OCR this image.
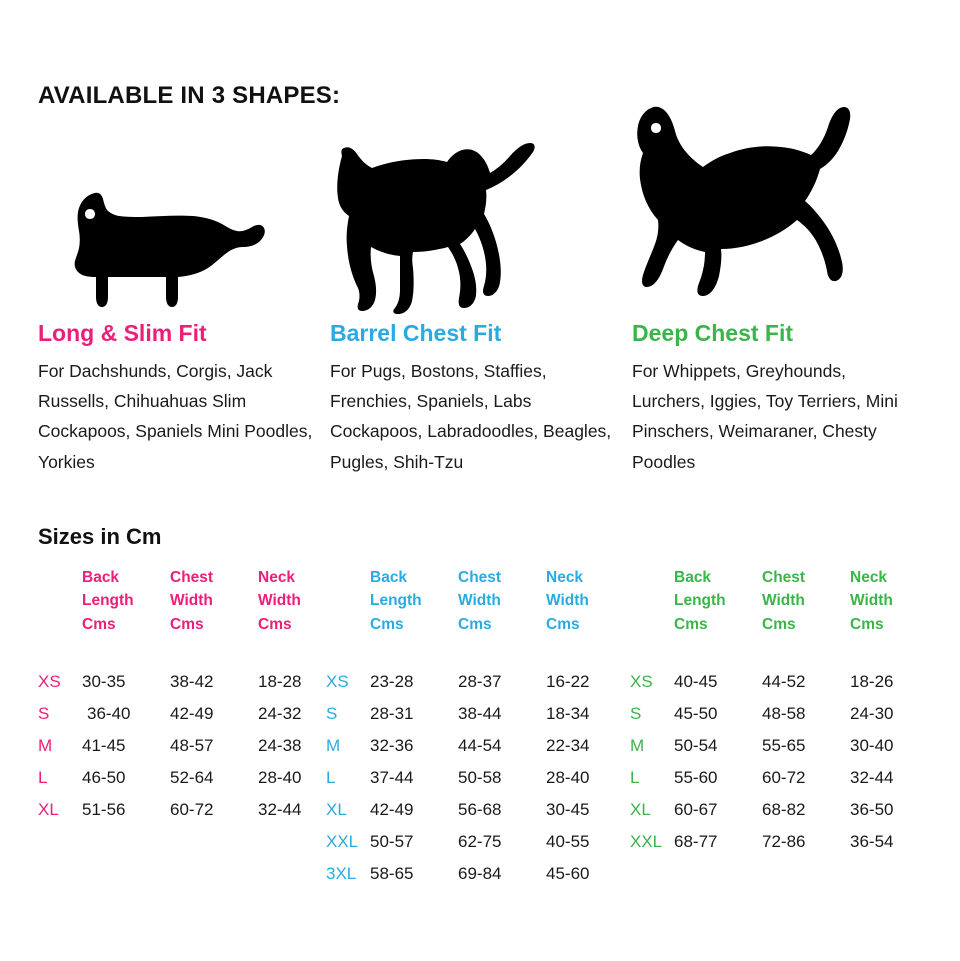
AVAILABLE IN 3 SHAPES:
Long & Slim Fit
For Dachshunds, Corgis, Jack Russells, Chihuahuas Slim Cockapoos, Spaniels Mini Poodles, Yorkies
Barrel Chest Fit
For Pugs, Bostons, Staffies, Frenchies, Spaniels, Labs Cockapoos, Labradoodles, Beagles, Pugles, Shih-Tzu
Deep Chest Fit
For Whippets, Greyhounds, Lurchers, Iggies, Toy Terriers, Mini Pinschers, Weimaraner, Chesty Poodles
Sizes in Cm
Back
Length
Cms
Chest
Width
Cms
Neck
Width
Cms
XS	30-35	38-42	18-28
S	36-40	42-49	24-32
M	41-45	48-57	24-38
L	46-50	52-64	28-40
XL	51-56	60-72	32-44
Back
Length
Cms
Chest
Width
Cms
Neck
Width
Cms
XS	23-28	28-37	16-22
S	28-31	38-44	18-34
M	32-36	44-54	22-34
L	37-44	50-58	28-40
XL	42-49	56-68	30-45
XXL 50-57	62-75	40-55
3XL 58-65	69-84	45-60
Back
Length
Cms
Chest
Width
Cms
Neck
Width
Cms
XS	40-45	44-52	18-26
S	45-50	48-58	24-30
M	50-54	55-65	30-40
L	55-60	60-72	32-44
XL	60-67	68-82	36-50
XXL 68-77	72-86	36-54
